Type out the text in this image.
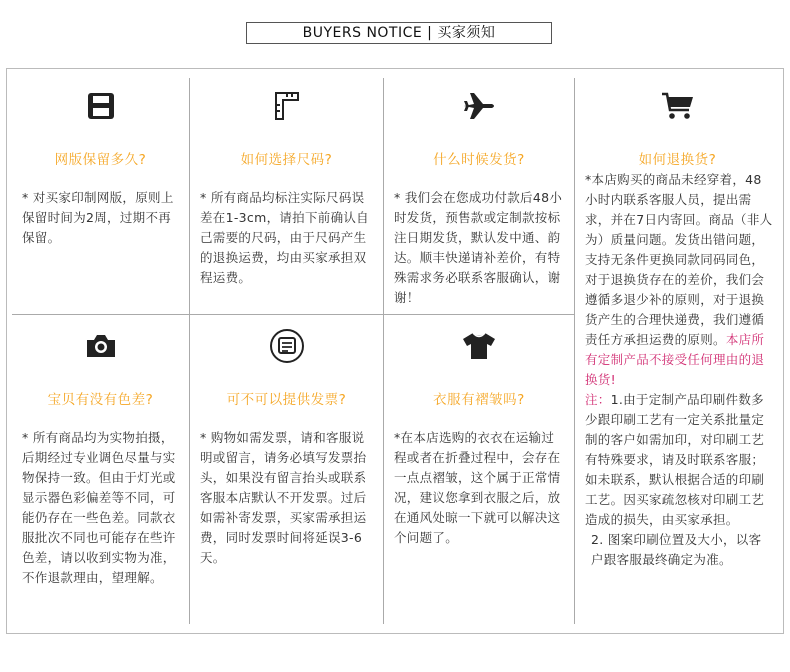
BUYERS NOTICE | 买家须知
网版保留多久?
* 对买家印制网版，原则上保留时间为2周，过期不再保留。
如何选择尺码?
* 所有商品均标注实际尺码误差在1-3cm，请拍下前确认自己需要的尺码，由于尺码产生的退换运费，均由买家承担双程运费。
什么时候发货?
* 我们会在您成功付款后48小时发货，预售款或定制款按标注日期发货，默认发中通、韵达。顺丰快递请补差价，有特殊需求务必联系客服确认，谢谢！
如何退换货?
*本店购买的商品未经穿着，48小时内联系客服人员，提出需求，并在7日内寄回。商品（非人为）质量问题。发货出错问题，支持无条件更换同款同码同色，对于退换货存在的差价，我们会遵循多退少补的原则，对于退换货产生的合理快递费，我们遵循责任方承担运费的原则。本店所有定制产品不接受任何理由的退换货!
注：1.由于定制产品印刷件数多少跟印刷工艺有一定关系批量定制的客户如需加印，对印刷工艺有特殊要求，请及时联系客服；如未联系，默认根据合适的印刷工艺。因买家疏忽核对印刷工艺造成的损失，由买家承担。
2. 图案印刷位置及大小，以客户跟客服最终确定为准。
宝贝有没有色差?
* 所有商品均为实物拍摄，后期经过专业调色尽量与实物保持一致。但由于灯光或显示器色彩偏差等不同，可能仍存在一些色差。同款衣服批次不同也可能存在些许色差，请以收到实物为准，不作退款理由，望理解。
可不可以提供发票?
* 购物如需发票，请和客服说明或留言，请务必填写发票抬头，如果没有留言抬头或联系客服本店默认不开发票。过后如需补寄发票，买家需承担运费，同时发票时间将延误3-6天。
衣服有褶皱吗?
*在本店选购的衣衣在运输过程或者在折叠过程中，会存在一点点褶皱，这个属于正常情况，建议您拿到衣服之后，放在通风处晾一下就可以解决这个问题了。
